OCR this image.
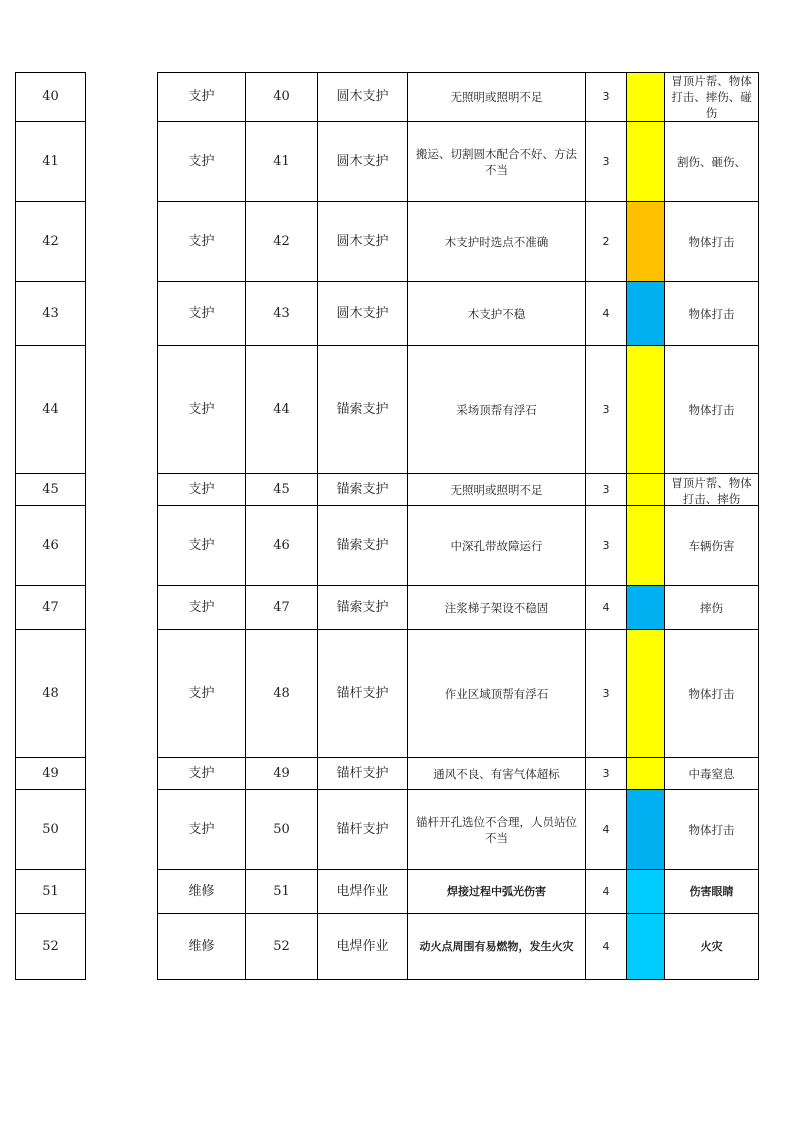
40		支护	40	圆木支护	无照明或照明不足	3		冒顶片帮、物体打击、摔伤、碰伤

41		支护	41	圆木支护	搬运、切割圆木配合不好、方法不当	3		割伤、砸伤、

42		支护	42	圆木支护	木支护时选点不准确	2		物体打击

43		支护	43	圆木支护	木支护不稳	4		物体打击

44		支护	44	锚索支护	采场顶帮有浮石	3		物体打击

45		支护	45	锚索支护	无照明或照明不足	3		冒顶片帮、物体打击、摔伤

46		支护	46	锚索支护	中深孔带故障运行	3		车辆伤害

47		支护	47	锚索支护	注浆梯子架设不稳固	4		摔伤

48		支护	48	锚杆支护	作业区域顶帮有浮石	3		物体打击

49		支护	49	锚杆支护	通风不良、有害气体超标	3		中毒窒息

50		支护	50	锚杆支护	锚杆开孔选位不合理，人员站位不当	4		物体打击

51		维修	51	电焊作业	焊接过程中弧光伤害	4		伤害眼睛

52		维修	52	电焊作业	动火点周围有易燃物，发生火灾	4		火灾
